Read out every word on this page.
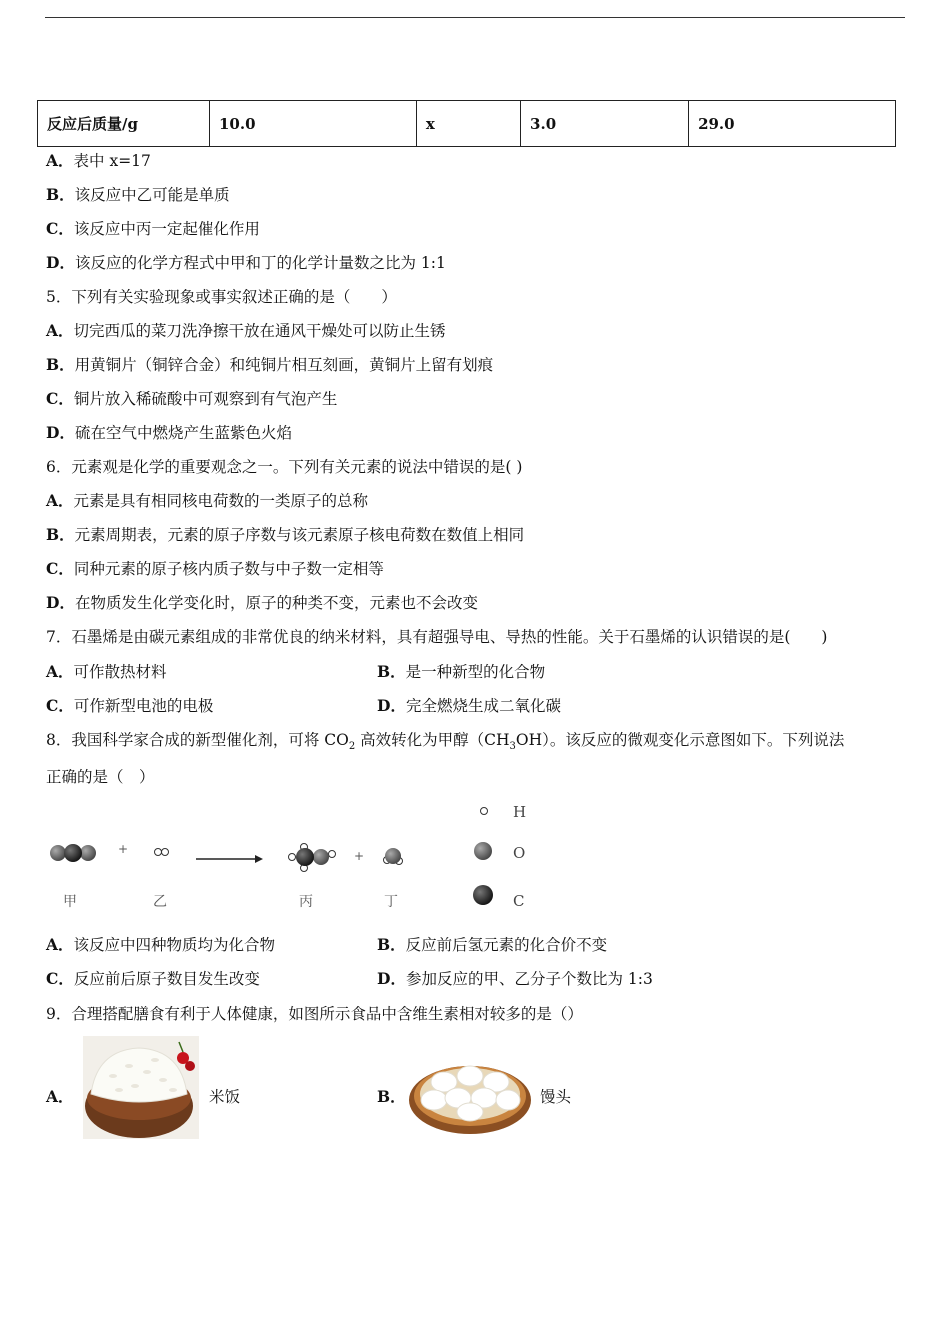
反应后质量/g	10.0	x	3.0	29.0
A．表中 x=17
B．该反应中乙可能是单质
C．该反应中丙一定起催化作用
D．该反应的化学方程式中甲和丁的化学计量数之比为 1:1
5．下列有关实验现象或事实叙述正确的是（　　）
A．切完西瓜的菜刀洗净擦干放在通风干燥处可以防止生锈
B．用黄铜片（铜锌合金）和纯铜片相互刻画，黄铜片上留有划痕
C．铜片放入稀硫酸中可观察到有气泡产生
D．硫在空气中燃烧产生蓝紫色火焰
6．元素观是化学的重要观念之一。下列有关元素的说法中错误的是( )
A．元素是具有相同核电荷数的一类原子的总称
B．元素周期表，元素的原子序数与该元素原子核电荷数在数值上相同
C．同种元素的原子核内质子数与中子数一定相等
D．在物质发生化学变化时，原子的种类不变，元素也不会改变
7．石墨烯是由碳元素组成的非常优良的纳米材料，具有超强导电、导热的性能。关于石墨烯的认识错误的是(　　)
A．可作散热材料	B．是一种新型的化合物
C．可作新型电池的电极	D．完全燃烧生成二氧化碳
8．我国科学家合成的新型催化剂，可将 $CO_2$ 高效转化为甲醇$(CH_3OH)$。该反应的微观变化示意图如下。下列说法
正确的是（　）
+	+
甲	乙	丙	丁
H
O
C
A．该反应中四种物质均为化合物	B．反应前后氢元素的化合价不变
C．反应前后原子数目发生改变	D．参加反应的甲、乙分子个数比为 1:3
9．合理搭配膳食有利于人体健康，如图所示食品中含维生素相对较多的是（）
A．	米饭	B．	馒头
